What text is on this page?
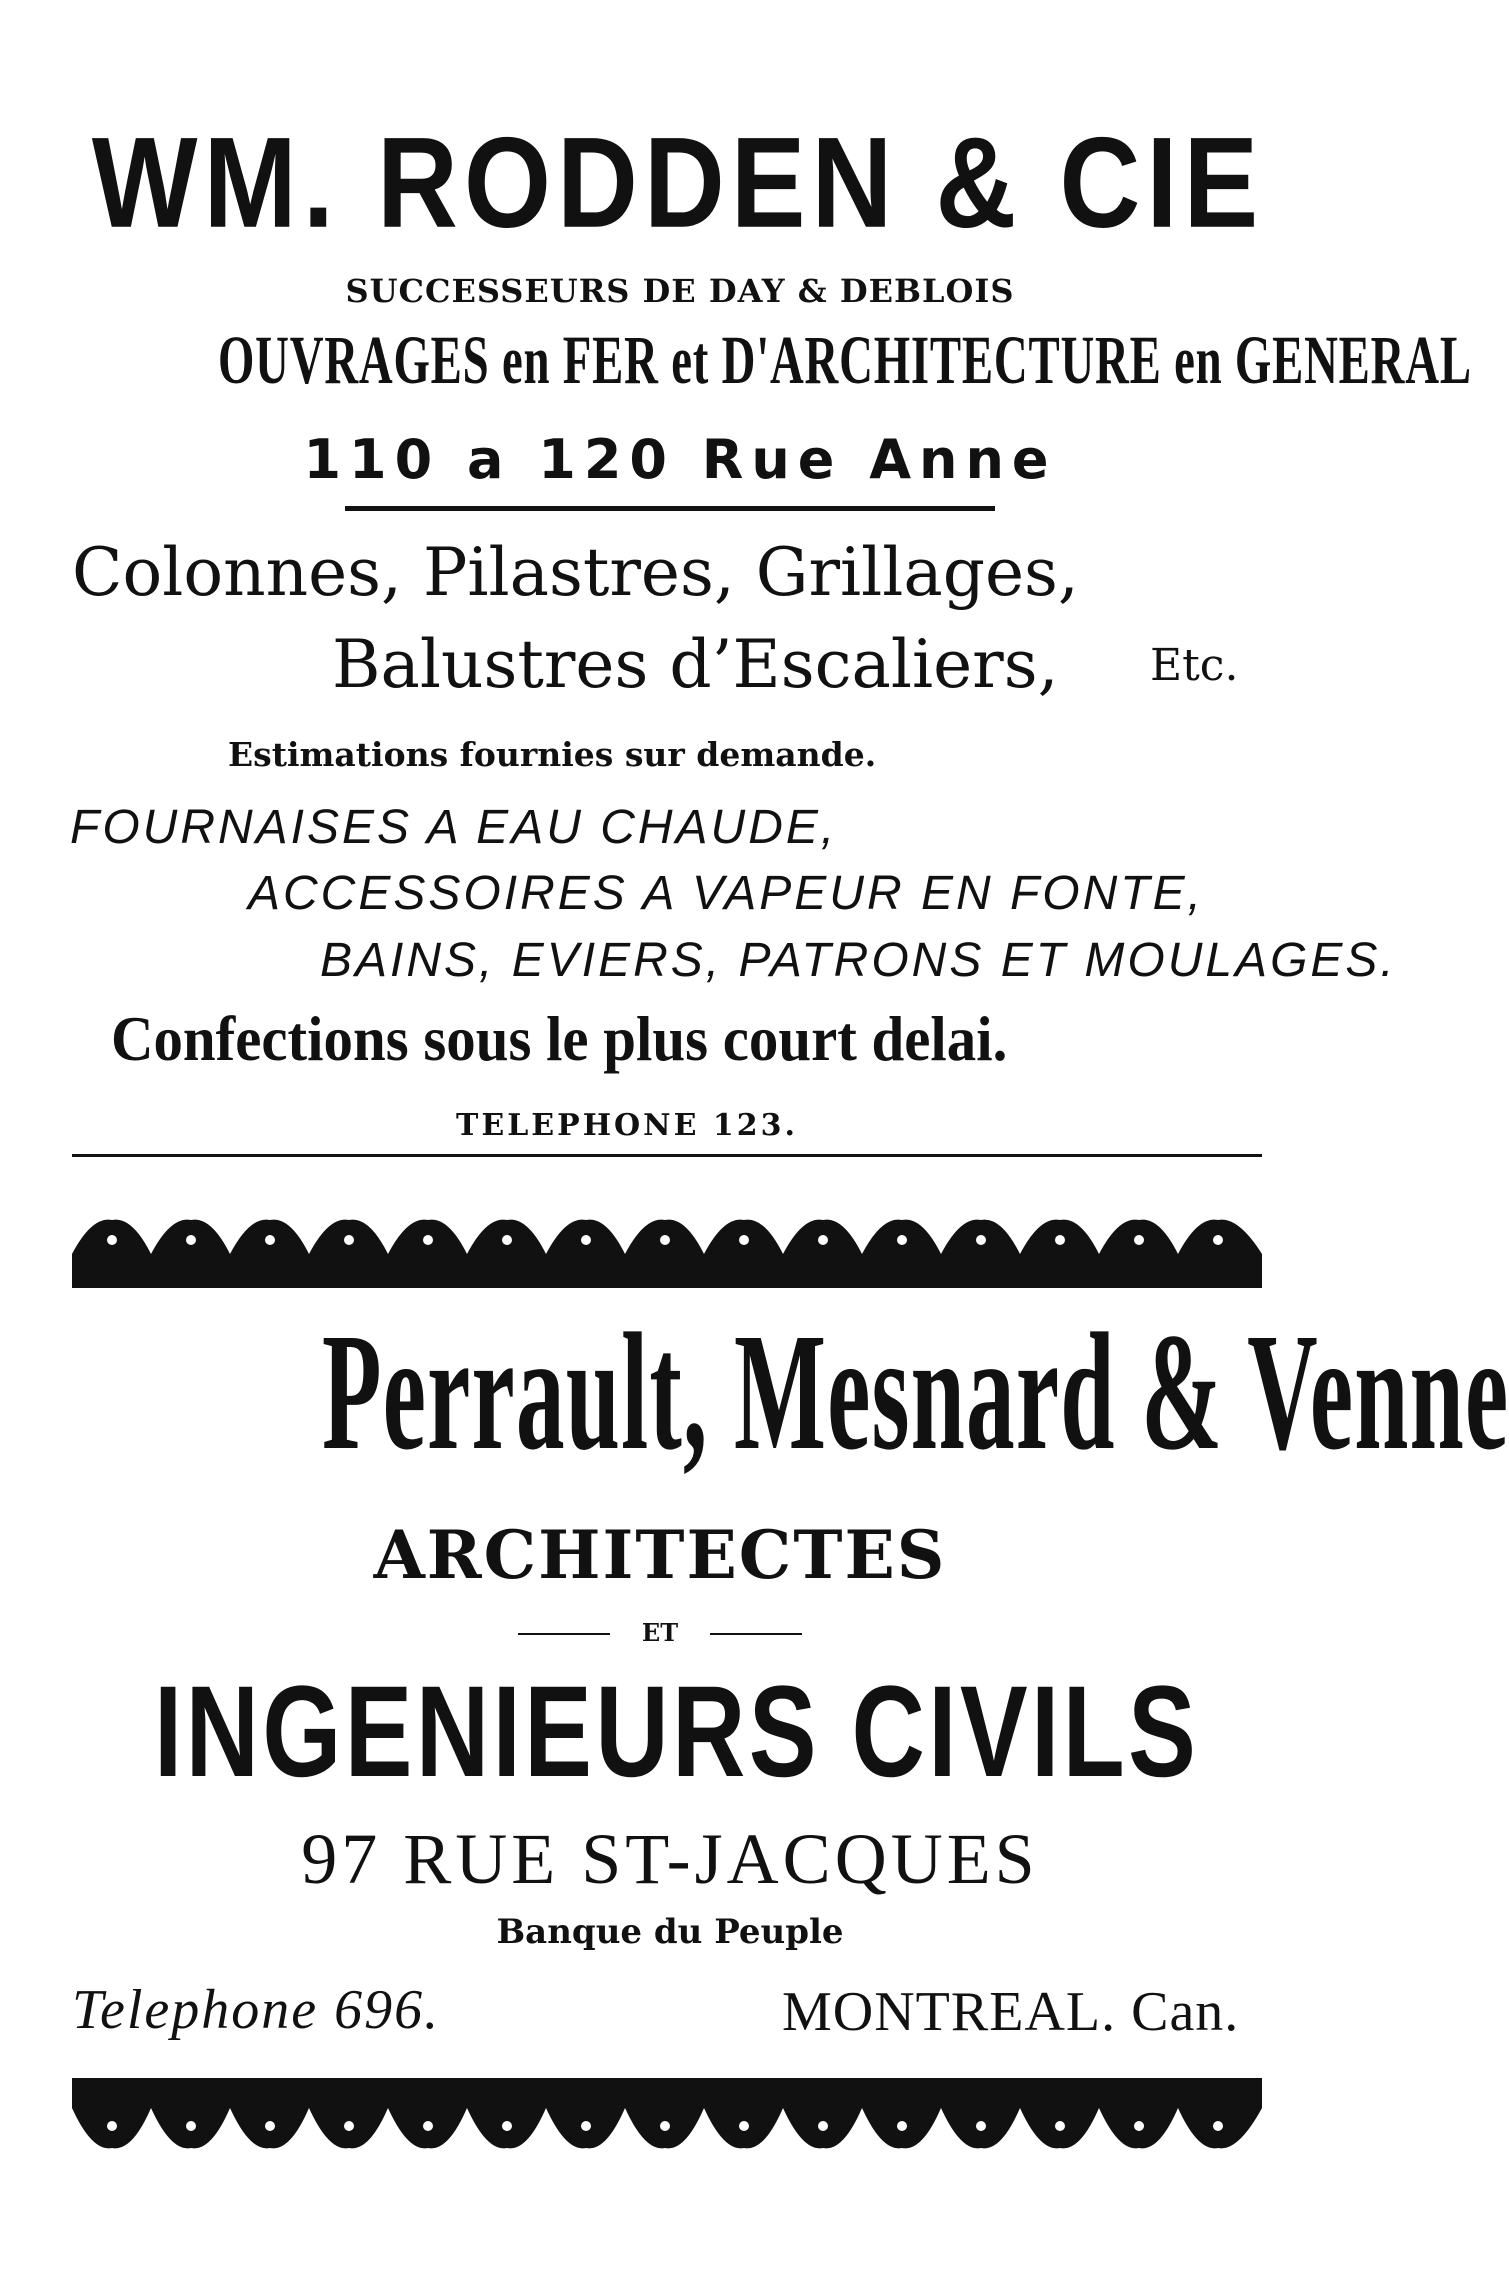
WM. RODDEN & CIE
SUCCESSEURS DE DAY & DEBLOIS
OUVRAGES en FER et D'ARCHITECTURE en GENERAL
110 a 120 Rue Anne
Colonnes, Pilastres, Grillages,
Balustres d’Escaliers, Etc.
Estimations fournies sur demande.
FOURNAISES A EAU CHAUDE,
ACCESSOIRES A VAPEUR EN FONTE,
BAINS, EVIERS, PATRONS ET MOULAGES.
Confections sous le plus court delai.
TELEPHONE 123.
Perrault, Mesnard & Venne
ARCHITECTES
ET
INGENIEURS CIVILS
97 RUE ST-JACQUES
Banque du Peuple
Telephone 696.	MONTREAL. Can.
